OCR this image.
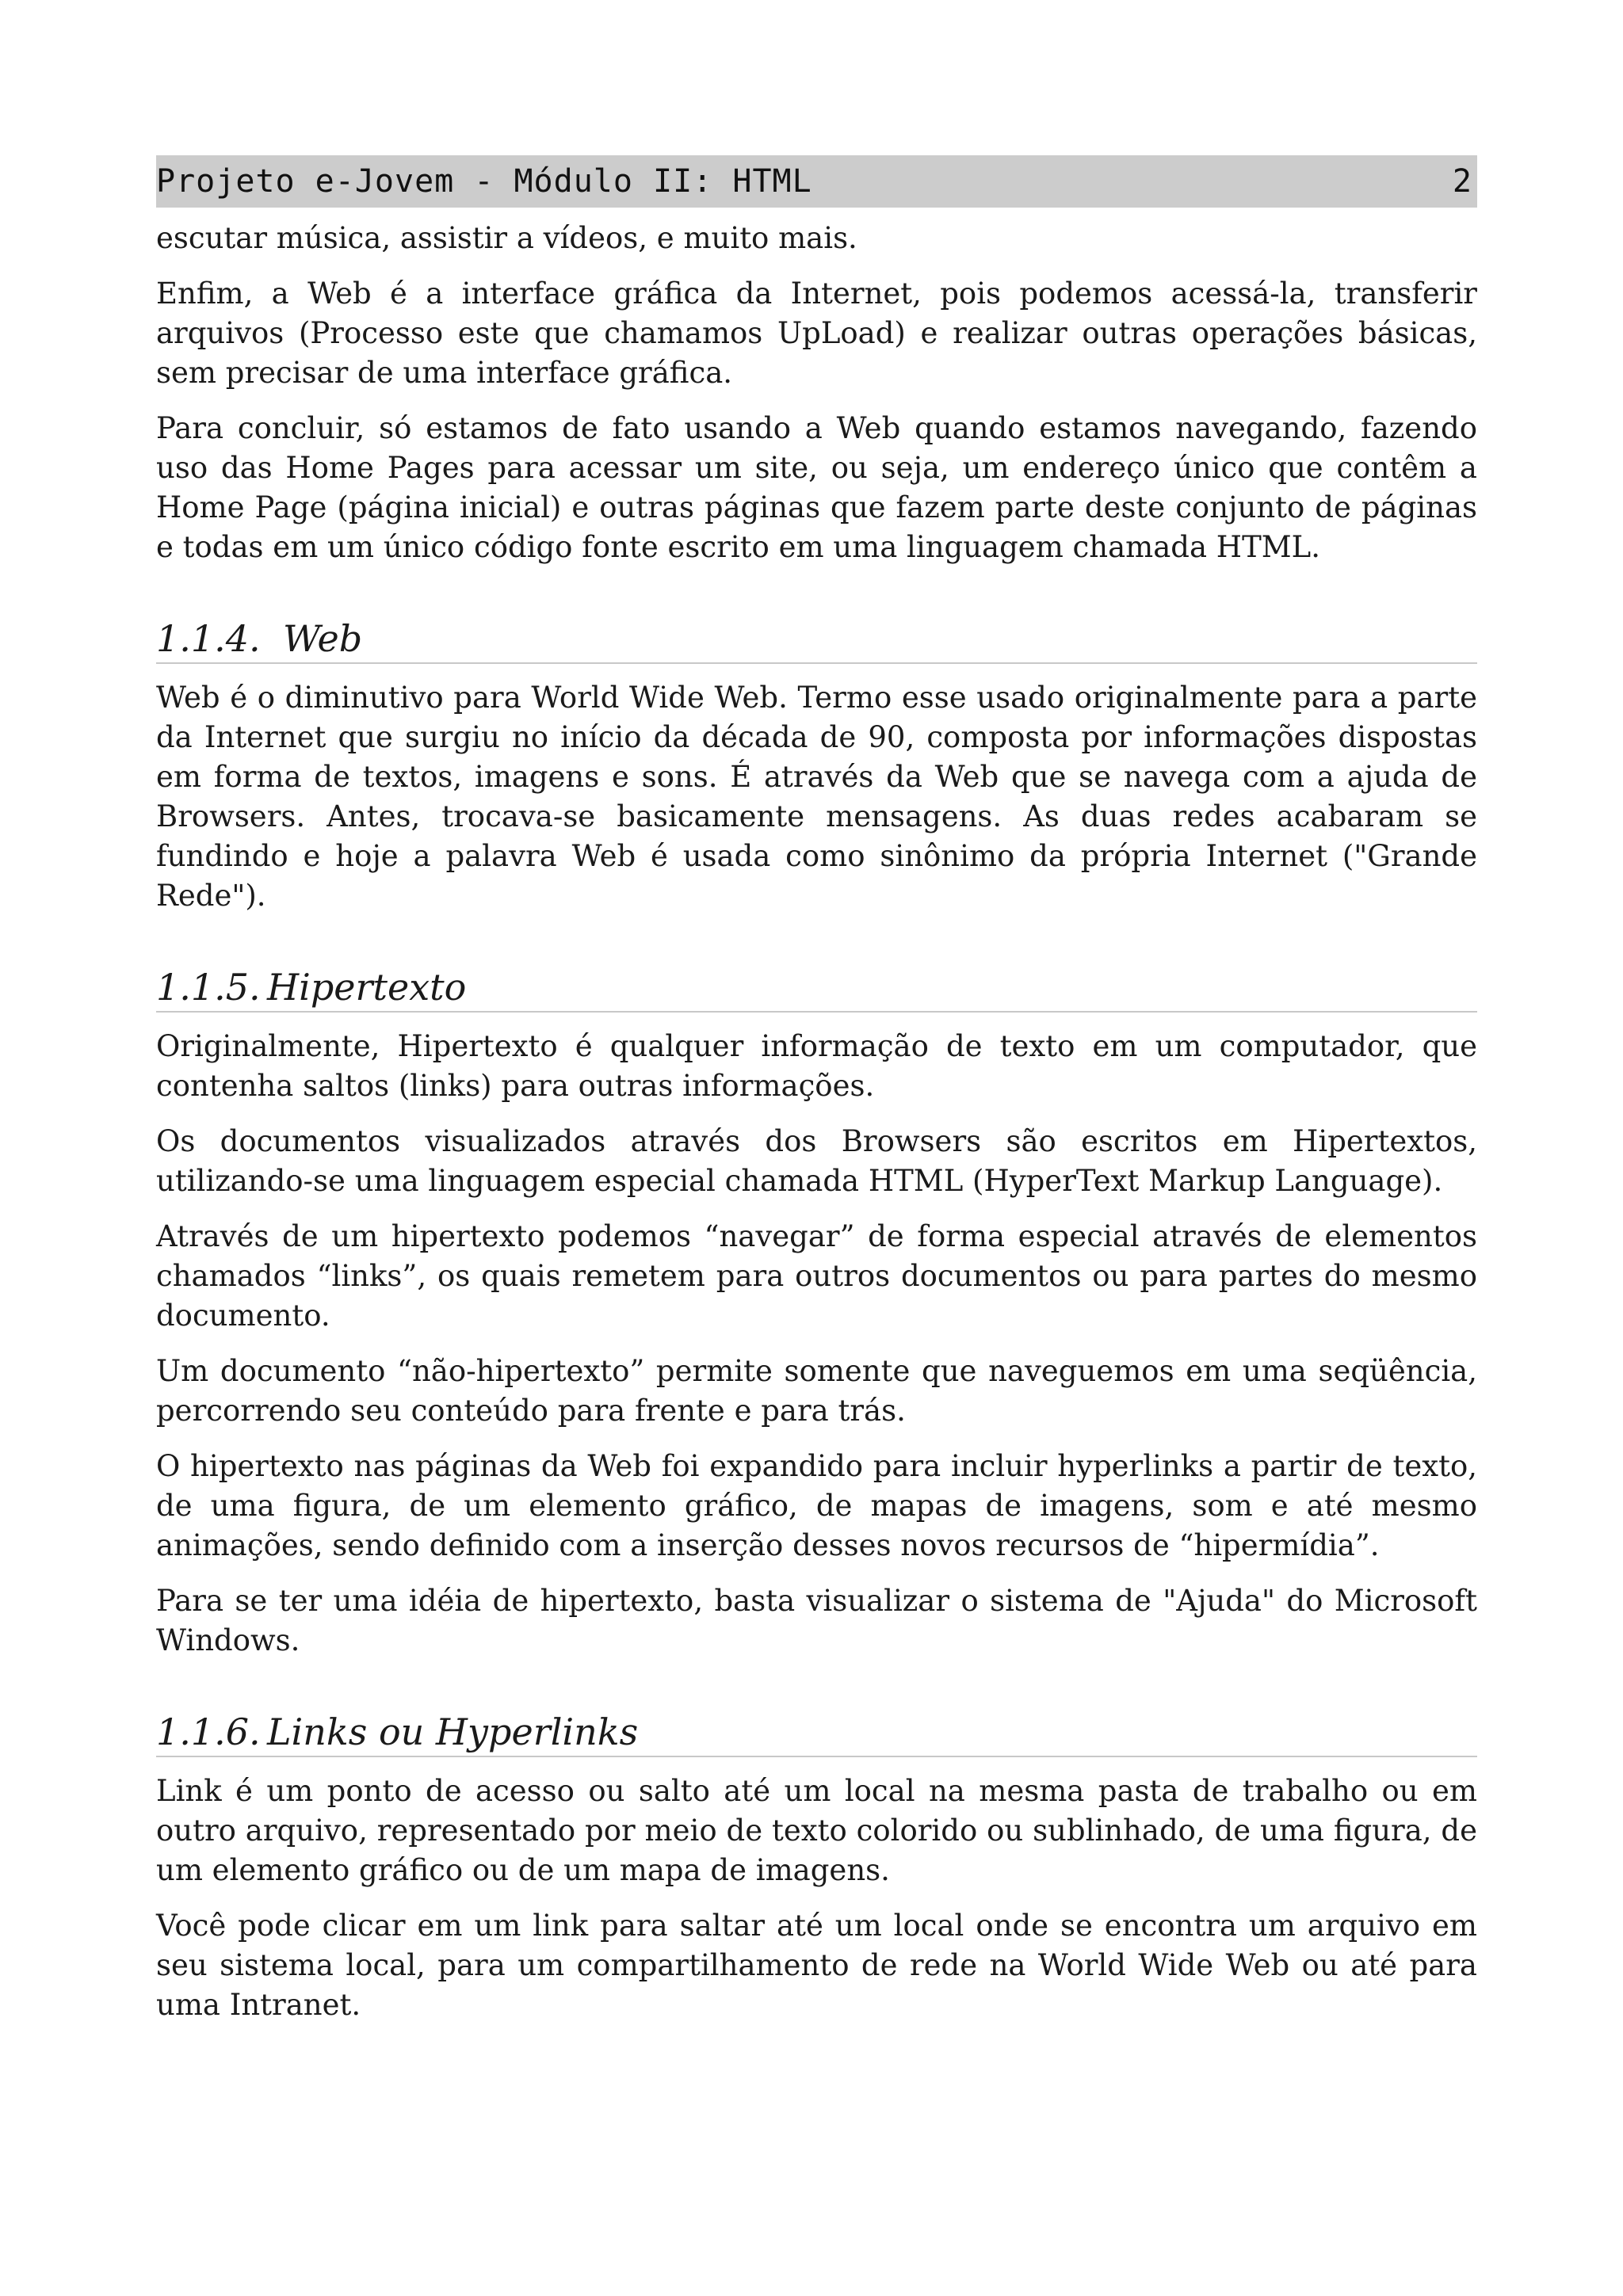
Projeto e-Jovem - Módulo II: HTML	2

escutar música, assistir a vídeos, e muito mais.

Enfim, a Web é a interface gráfica da Internet, pois podemos acessá-la, transferir arquivos (Processo este que chamamos UpLoad) e realizar outras operações básicas, sem precisar de uma interface gráfica.

Para concluir, só estamos de fato usando a Web quando estamos navegando, fazendo uso das Home Pages para acessar um site, ou seja, um endereço único que contêm a Home Page (página inicial) e outras páginas que fazem parte deste conjunto de páginas e todas em um único código fonte escrito em uma linguagem chamada HTML.

1.1.4. Web

Web é o diminutivo para World Wide Web. Termo esse usado originalmente para a parte da Internet que surgiu no início da década de 90, composta por informações dispostas em forma de textos, imagens e sons. É através da Web que se navega com a ajuda de Browsers. Antes, trocava-se basicamente mensagens. As duas redes acabaram se fundindo e hoje a palavra Web é usada como sinônimo da própria Internet ("Grande Rede").

1.1.5. Hipertexto

Originalmente, Hipertexto é qualquer informação de texto em um computador, que contenha saltos (links) para outras informações.

Os documentos visualizados através dos Browsers são escritos em Hipertextos, utilizando-se uma linguagem especial chamada HTML (HyperText Markup Language).

Através de um hipertexto podemos “navegar” de forma especial através de elementos chamados “links”, os quais remetem para outros documentos ou para partes do mesmo documento.

Um documento “não-hipertexto” permite somente que naveguemos em uma seqüência, percorrendo seu conteúdo para frente e para trás.

O hipertexto nas páginas da Web foi expandido para incluir hyperlinks a partir de texto, de uma figura, de um elemento gráfico, de mapas de imagens, som e até mesmo animações, sendo definido com a inserção desses novos recursos de “hipermídia”.

Para se ter uma idéia de hipertexto, basta visualizar o sistema de "Ajuda" do Microsoft Windows.

1.1.6. Links ou Hyperlinks

Link é um ponto de acesso ou salto até um local na mesma pasta de trabalho ou em outro arquivo, representado por meio de texto colorido ou sublinhado, de uma figura, de um elemento gráfico ou de um mapa de imagens.

Você pode clicar em um link para saltar até um local onde se encontra um arquivo em seu sistema local, para um compartilhamento de rede na World Wide Web ou até para uma Intranet.
